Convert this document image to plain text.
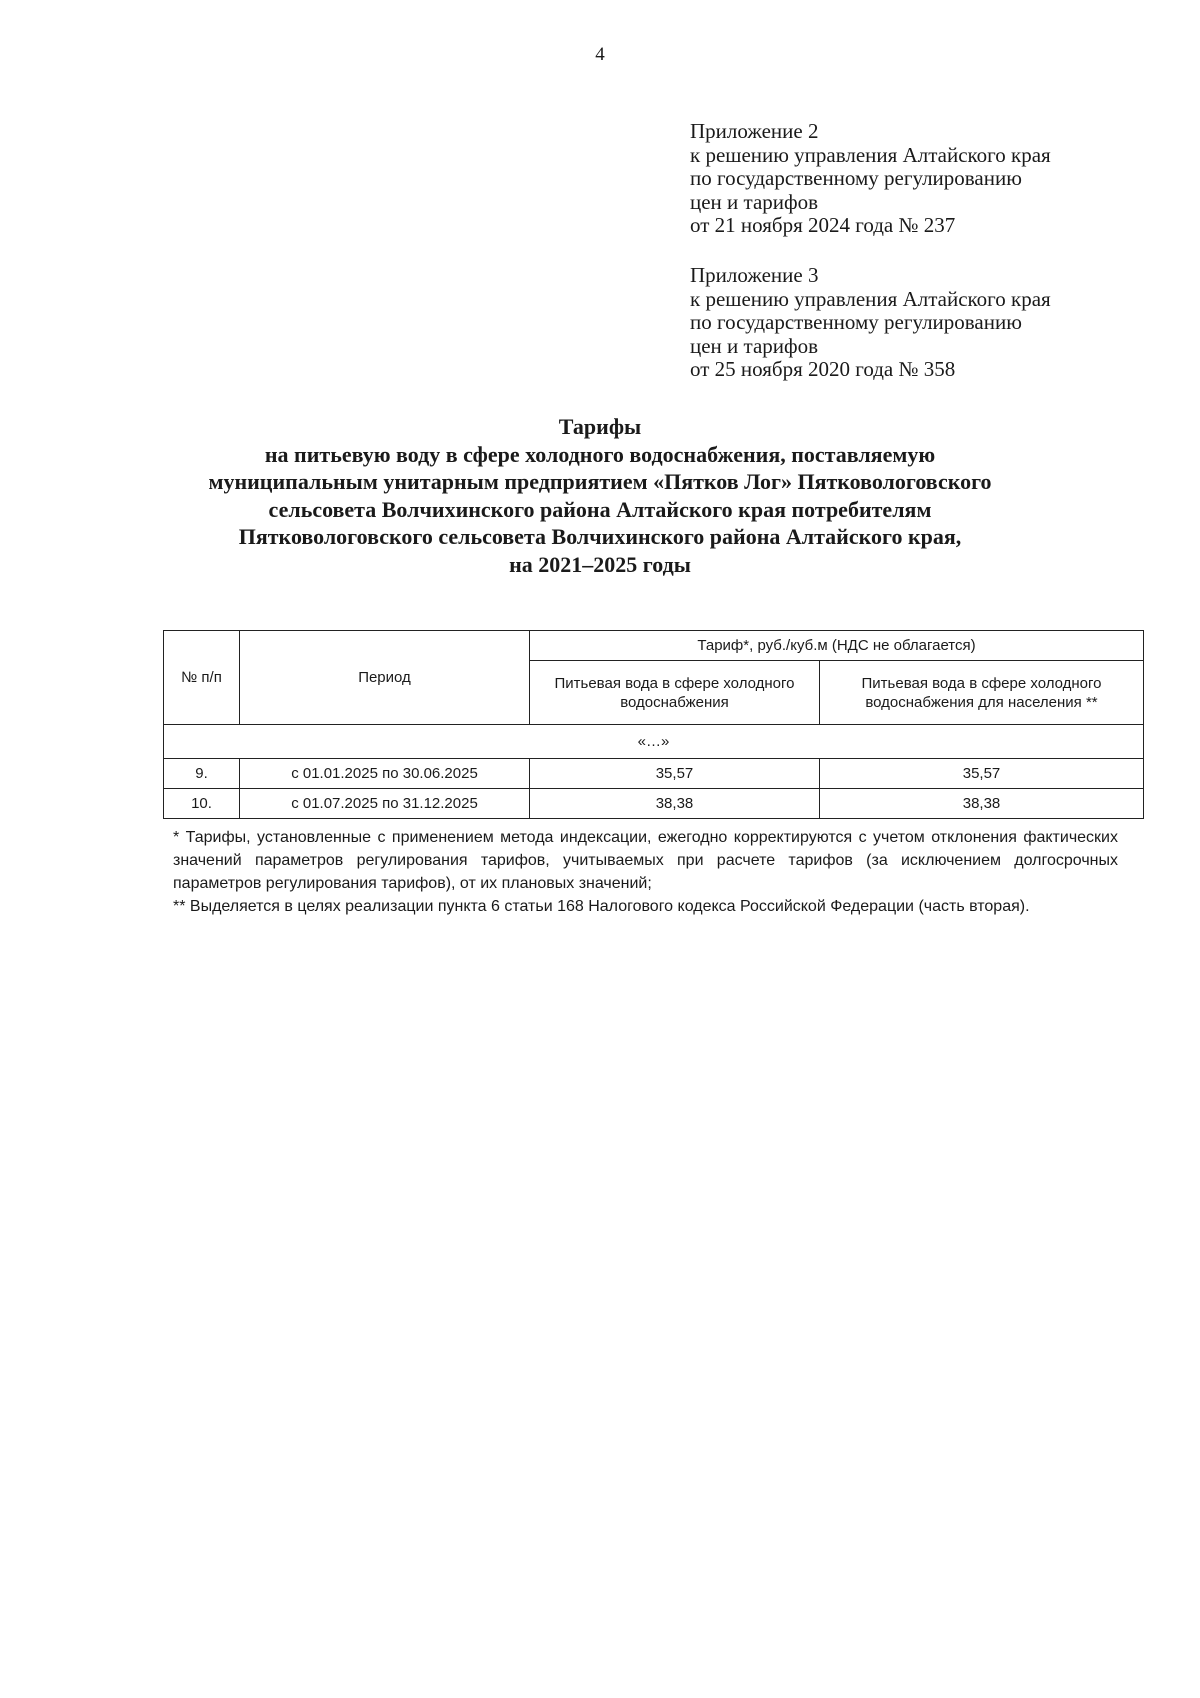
4
Приложение 2
к решению управления Алтайского края
по государственному регулированию
цен и тарифов
от 21 ноября 2024 года № 237
Приложение 3
к решению управления Алтайского края
по государственному регулированию
цен и тарифов
от 25 ноября 2020 года № 358
Тарифы
на питьевую воду в сфере холодного водоснабжения, поставляемую
муниципальным унитарным предприятием «Пятков Лог» Пятковологовского
сельсовета Волчихинского района Алтайского края потребителям
Пятковологовского сельсовета Волчихинского района Алтайского края,
на 2021–2025 годы
№ п/п	Период	Тариф*, руб./куб.м (НДС не облагается)	
		Питьевая вода в сфере холодного водоснабжения	Питьевая вода в сфере холодного водоснабжения для населения **
«…»			
9.	с 01.01.2025 по 30.06.2025	35,57	35,57
10.	с 01.07.2025 по 31.12.2025	38,38	38,38

* Тарифы, установленные с применением метода индексации, ежегодно корректируются с учетом отклонения фактических значений параметров регулирования тарифов, учитываемых при расчете тарифов (за исключением долгосрочных параметров регулирования тарифов), от их плановых значений;

** Выделяется в целях реализации пункта 6 статьи 168 Налогового кодекса Российской Федерации (часть вторая).
